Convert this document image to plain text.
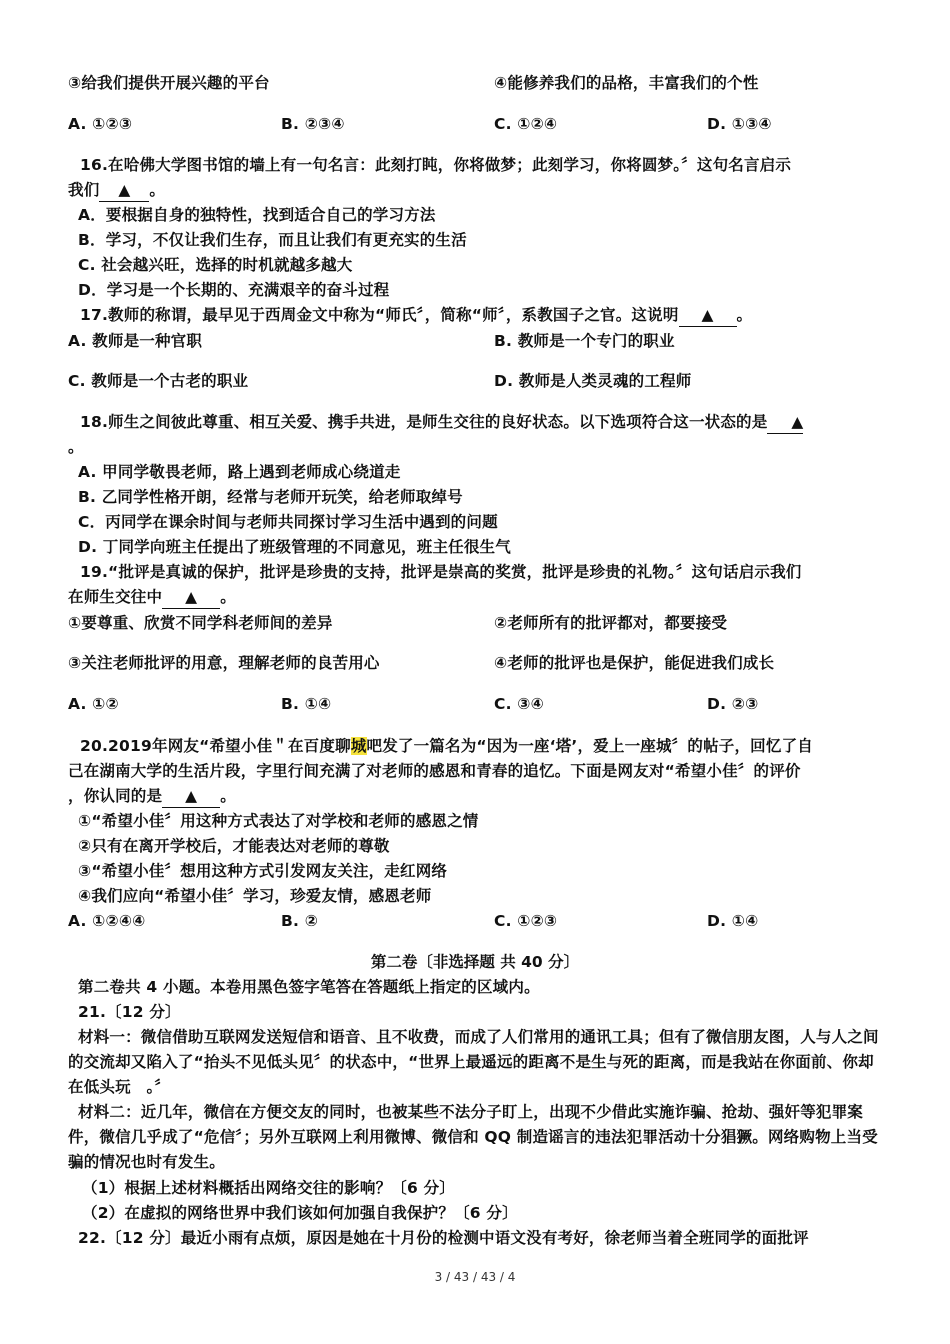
③给我们提供开展兴趣的平台	④能修养我们的品格，丰富我们的个性
A. ①②③	B. ②③④	C. ①②④	D. ①③④
16.在哈佛大学图书馆的墙上有一句名言：此刻打盹，你将做梦；此刻学习，你将圆梦。〞这句名言启示
我们 ▲ 。
A．要根据自身的独特性，找到适合自己的学习方法
B．学习，不仅让我们生存，而且让我们有更充实的生活
C. 社会越兴旺，选择的时机就越多越大
D．学习是一个长期的、充满艰辛的奋斗过程
17.教师的称谓，最早见于西周金文中称为“师氏〞，简称“师〞，系教国子之官。这说明 ▲ 。
A. 教师是一种官职	B. 教师是一个专门的职业
C. 教师是一个古老的职业	D. 教师是人类灵魂的工程师
18.师生之间彼此尊重、相互关爱、携手共进，是师生交往的良好状态。以下选项符合这一状态的是 ▲
。
A. 甲同学敬畏老师，路上遇到老师成心绕道走
B. 乙同学性格开朗，经常与老师开玩笑，给老师取绰号
C．丙同学在课余时间与老师共同探讨学习生活中遇到的问题
D. 丁同学向班主任提出了班级管理的不同意见，班主任很生气
19.“批评是真诚的保护，批评是珍贵的支持，批评是崇高的奖赏，批评是珍贵的礼物。〞这句话启示我们
在师生交往中 ▲ 。
①要尊重、欣赏不同学科老师间的差异	②老师所有的批评都对，都要接受
③关注老师批评的用意，理解老师的良苦用心	④老师的批评也是保护，能促进我们成长
A. ①②	B. ①④	C. ③④	D. ②③
20.2019年网友“希望小佳＂在百度聊城吧发了一篇名为“因为一座‘塔’，爱上一座城〞的帖子，回忆了自
己在湖南大学的生活片段，字里行间充满了对老师的感恩和青春的追忆。下面是网友对“希望小佳〞的评价
，你认同的是 ▲ 。
①“希望小佳〞用这种方式表达了对学校和老师的感恩之情
②只有在离开学校后，才能表达对老师的尊敬
③“希望小佳〞想用这种方式引发网友关注，走红网络
④我们应向“希望小佳〞学习，珍爱友情，感恩老师
A. ①②④④	B. ②	C. ①②③	D. ①④
第二卷〔非选择题 共 40 分〕
第二卷共 4 小题。本卷用黑色签字笔答在答题纸上指定的区域内。
21.〔12 分〕
材料一：微信借助互联网发送短信和语音、且不收费，而成了人们常用的通讯工具；但有了微信朋友图，人与人之间的交流却又陷入了“抬头不见低头见〞的状态中，“世界上最遥远的距离不是生与死的距离，而是我站在你面前、你却在低头玩　。〞
材料二：近几年，微信在方便交友的同时，也被某些不法分子盯上，出现不少借此实施诈骗、抢劫、强奸等犯罪案件，微信几乎成了“危信〞；另外互联网上利用微博、微信和 QQ 制造谣言的违法犯罪活动十分猖獗。网络购物上当受骗的情况也时有发生。
（1）根据上述材料概括出网络交往的影响？〔6 分〕
（2）在虚拟的网络世界中我们该如何加强自我保护？〔6 分〕
22.〔12 分〕最近小雨有点烦，原因是她在十月份的检测中语文没有考好，徐老师当着全班同学的面批评
3 / 43 / 43 / 4
